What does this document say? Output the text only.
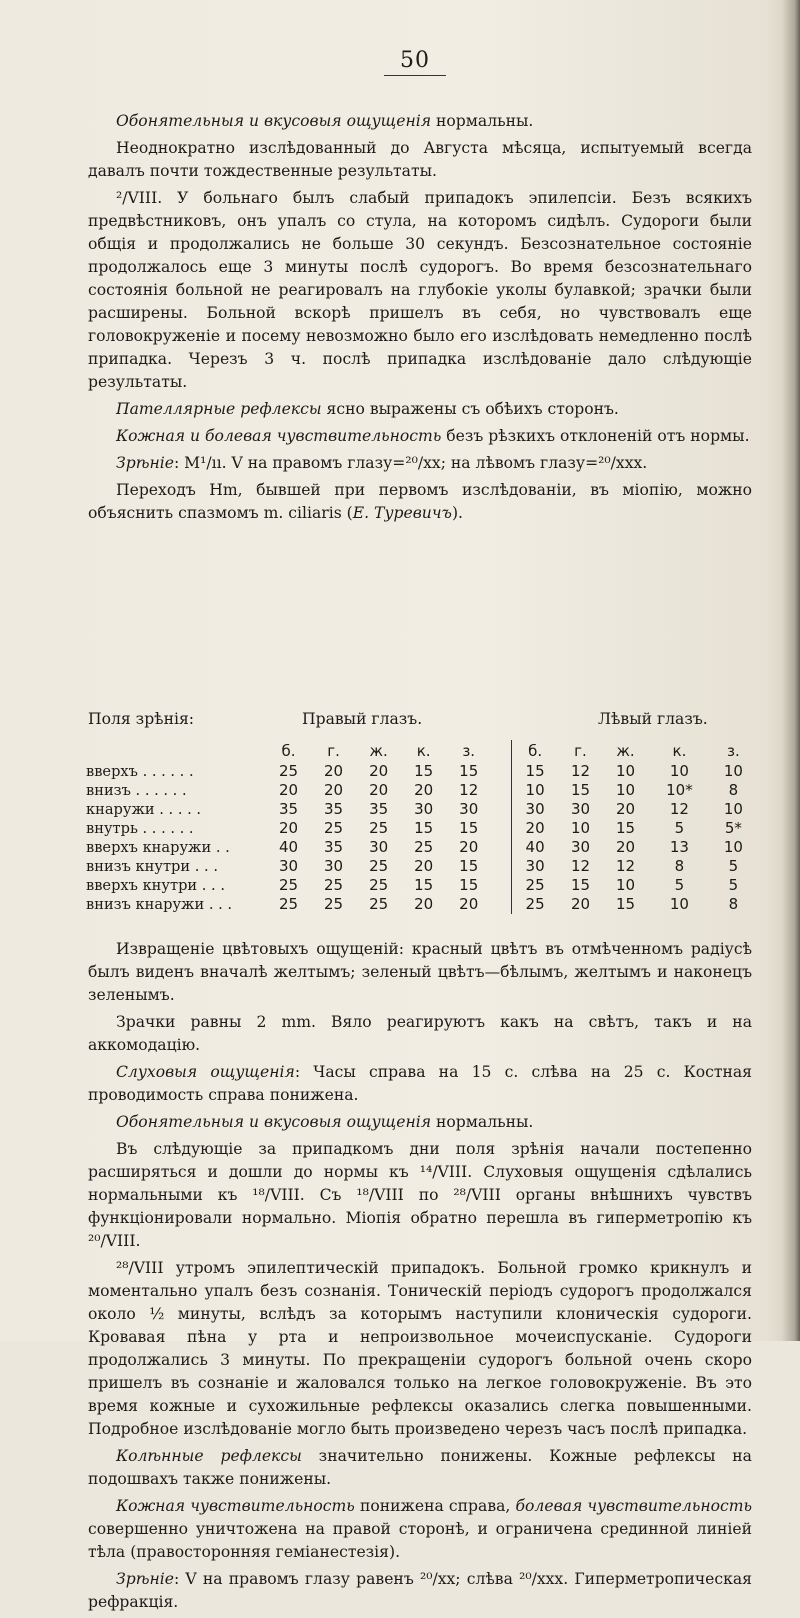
50

Обонятельныя и вкусовыя ощущенія нормальны.

Неоднократно изслѣдованный до Августа мѣсяца, испытуемый всегда давалъ почти тождественные результаты.

²/VIII. У больнаго былъ слабый припадокъ эпилепсіи. Безъ всякихъ предвѣстниковъ, онъ упалъ со стула, на которомъ сидѣлъ. Судороги были общія и продолжались не больше 30 секундъ. Безсознательное состояніе продолжалось еще 3 минуты послѣ судорогъ. Во время безсознательнаго состоянія больной не реагировалъ на глубокіе уколы булавкой; зрачки были расширены. Больной вскорѣ пришелъ въ себя, но чувствовалъ еще головокруженіе и посему невозможно было его изслѣдовать немедленно послѣ припадка. Черезъ 3 ч. послѣ припадка изслѣдованіе дало слѣдующіе результаты.

Пателлярные рефлексы ясно выражены съ обѣихъ сторонъ.

Кожная и болевая чувствительность безъ рѣзкихъ отклоненій отъ нормы.

Зрѣніе: M¹/ıı. V на правомъ глазу=²⁰/xx; на лѣвомъ глазу=²⁰/xxx.

Переходъ Hm, бывшей при первомъ изслѣдованіи, въ міопію, можно объяснить спазмомъ m. ciliaris (Е. Туревичъ).

Поля зрѣнія:	Правый глазъ.	Лѣвый глазъ.
	б.	г.	ж.	к.	з.		б.	г.	ж.	к.	з.
вверхъ . . . . . .	25	20	20	15	15		15	12	10	10	10
внизъ . . . . . .	20	20	20	20	12		10	15	10	10*	8
кнаружи . . . . .	35	35	35	30	30		30	30	20	12	10
внутрь . . . . . .	20	25	25	15	15		20	10	15	5	5*
вверхъ кнаружи . .	40	35	30	25	20		40	30	20	13	10
внизъ кнутри . . .	30	30	25	20	15		30	12	12	8	5
вверхъ кнутри . . .	25	25	25	15	15		25	15	10	5	5
внизъ кнаружи . . .	25	25	25	20	20		25	20	15	10	8

Извращеніе цвѣтовыхъ ощущеній: красный цвѣтъ въ отмѣченномъ радіусѣ былъ виденъ вначалѣ желтымъ; зеленый цвѣтъ—бѣлымъ, желтымъ и наконецъ зеленымъ.

Зрачки равны 2 mm. Вяло реагируютъ какъ на свѣтъ, такъ и на аккомодацію.

Слуховыя ощущенія: Часы справа на 15 с. слѣва на 25 с. Костная проводимость справа понижена.

Обонятельныя и вкусовыя ощущенія нормальны.

Въ слѣдующіе за припадкомъ дни поля зрѣнія начали постепенно расширяться и дошли до нормы къ ¹⁴/VIII. Слуховыя ощущенія сдѣлались нормальными къ ¹⁸/VIII. Съ ¹⁸/VIII по ²⁸/VIII органы внѣшнихъ чувствъ функціонировали нормально. Міопія обратно перешла въ гиперметропію къ ²⁰/VIII.

²⁸/VIII утромъ эпилептическій припадокъ. Больной громко крикнулъ и моментально упалъ безъ сознанія. Тоническій періодъ судорогъ продолжался около ½ минуты, вслѣдъ за которымъ наступили клоническія судороги. Кровавая пѣна у рта и непроизвольное мочеиспусканіе. Судороги продолжались 3 минуты. По прекращеніи судорогъ больной очень скоро пришелъ въ сознаніе и жаловался только на легкое головокруженіе. Въ это время кожные и сухожильные рефлексы оказались слегка повышенными. Подробное изслѣдованіе могло быть произведено черезъ часъ послѣ припадка.

Колѣнные рефлексы значительно понижены. Кожные рефлексы на подошвахъ также понижены.

Кожная чувствительность понижена справа, болевая чувствительность совершенно уничтожена на правой сторонѣ, и ограничена срединной линіей тѣла (правосторонняя геміанестезія).

Зрѣніе: V на правомъ глазу равенъ ²⁰/xx; слѣва ²⁰/xxx. Гиперметропическая рефракція.
